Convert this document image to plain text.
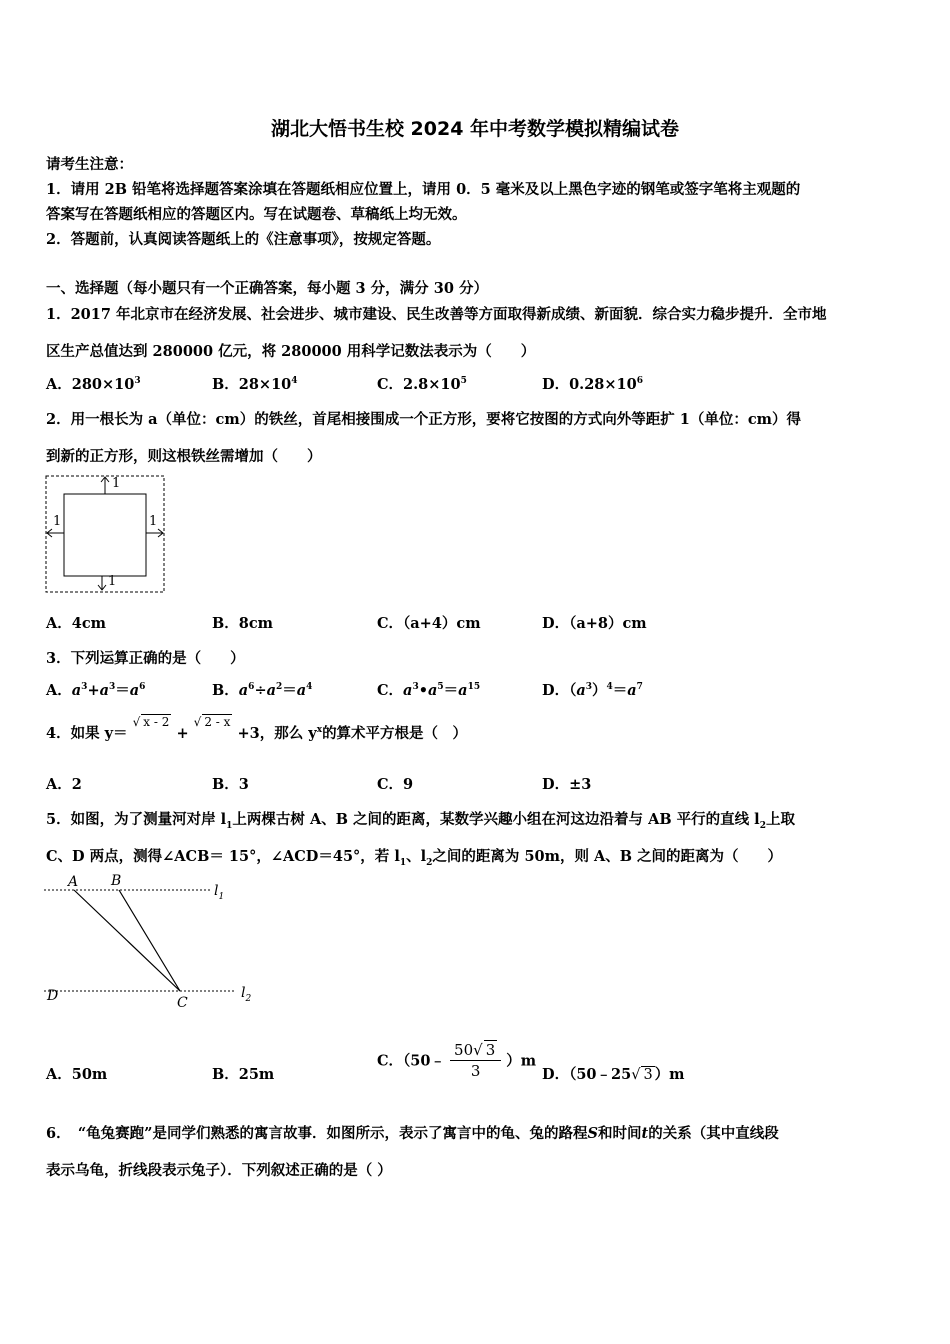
湖北大悟书生校 2024 年中考数学模拟精编试卷
请考生注意：
1．请用 2B 铅笔将选择题答案涂填在答题纸相应位置上，请用 0．5 毫米及以上黑色字迹的钢笔或签字笔将主观题的
答案写在答题纸相应的答题区内。写在试题卷、草稿纸上均无效。
2．答题前，认真阅读答题纸上的《注意事项》，按规定答题。
一、选择题（每小题只有一个正确答案，每小题 3 分，满分 30 分）
1．2017 年北京市在经济发展、社会进步、城市建设、民生改善等方面取得新成绩、新面貌．综合实力稳步提升．全市地
区生产总值达到 280000 亿元，将 280000 用科学记数法表示为（　　）
A．$280\times 10^3$	B．$28\times 10^4$	C．$2.8\times 10^5$	D．$0.28\times 10^6$
2．用一根长为 a（单位：cm）的铁丝，首尾相接围成一个正方形，要将它按图的方式向外等距扩 1（单位：cm）得
到新的正方形，则这根铁丝需增加（　　）
1
1
1	1
A．4cm	B．8cm	C．（a+4）cm	D．（a+8）cm
3．下列运算正确的是（　　）
A．$a^3+a^3=a^6$	B．$a^6\div a^2=a^4$	C．$a^3•a^5=a^{15}$	D．$(a^3)^4=a^7$
4．如果 y＝ $^{√ x - 2}$ + $^{√ 2 - x}$ +3，那么 $y^x$的算术平方根是（　）
A．2	B．3	C．9	D．±3
5．如图，为了测量河对岸 $l_1$上两棵古树 A、B 之间的距离，某数学兴趣小组在河这边沿着与 AB 平行的直线 $l_2$上取
C、D 两点，测得∠ACB＝ 15°，∠ACD＝45°，若 $l_1$、$l_2$之间的距离为 50m，则 A、B 之间的距离为（　　）
A B
D	C
$l_1$
$l_2$
A．50m	B．25m
C．（50﹣ $\frac{50√ 3}{3} )m$
D．（50﹣25√ 3 ）m
6．　“龟兔赛跑”是同学们熟悉的寓言故事．如图所示，表示了寓言中的龟、兔的路程S和时间t的关系（其中直线段
表示乌龟，折线段表示兔子）．下列叙述正确的是（ ）
